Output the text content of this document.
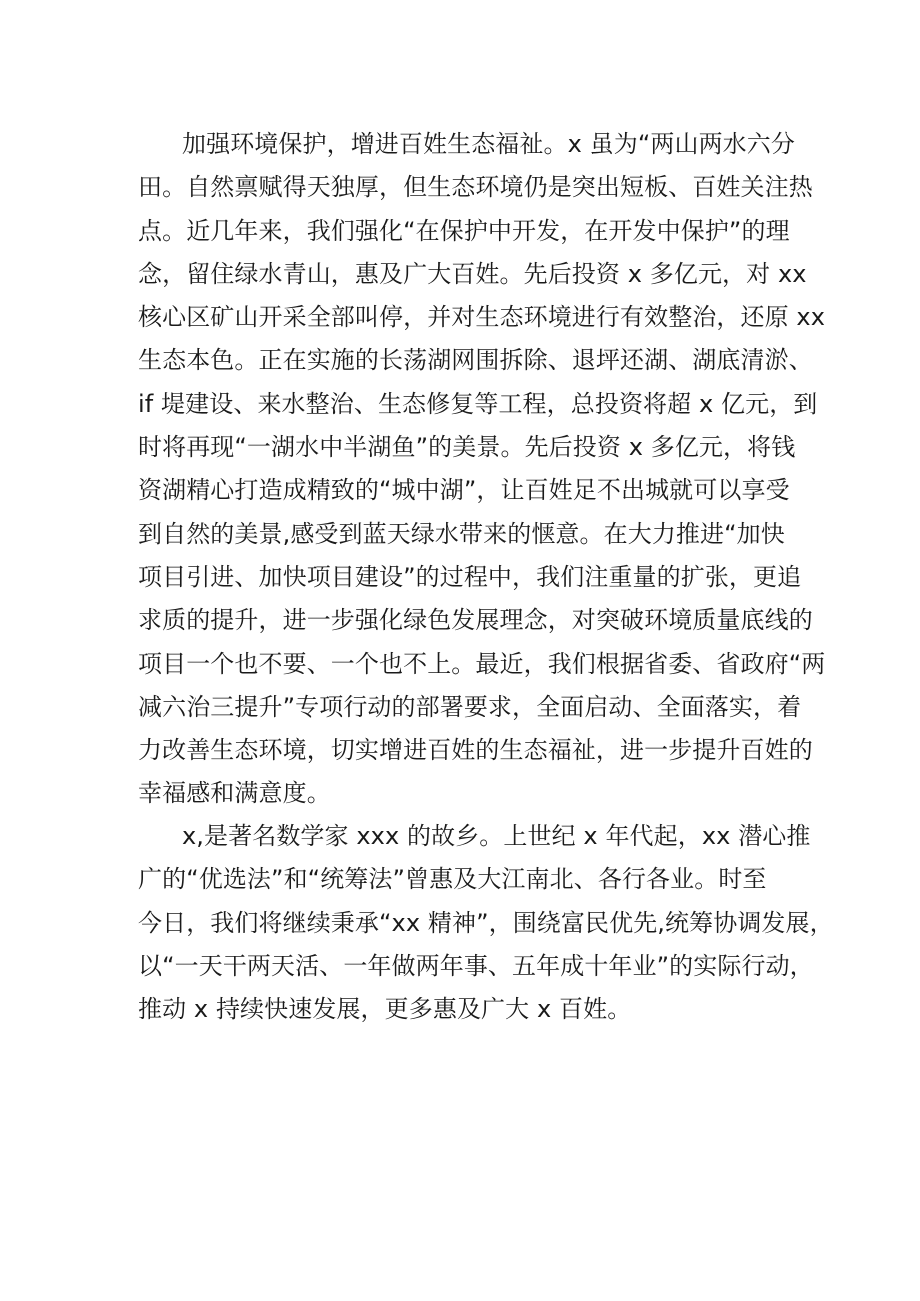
加强环境保护，增进百姓生态福祉。x 虽为“两山两水六分
田。自然禀赋得天独厚，但生态环境仍是突出短板、百姓关注热
点。近几年来，我们强化“在保护中开发，在开发中保护”的理
念，留住绿水青山，惠及广大百姓。先后投资 x 多亿元，对 xx
核心区矿山开采全部叫停，并对生态环境进行有效整治，还原 xx
生态本色。正在实施的长荡湖网围拆除、退坪还湖、湖底清淤、
if 堤建设、来水整治、生态修复等工程，总投资将超 x 亿元，到
时将再现“一湖水中半湖鱼”的美景。先后投资 x 多亿元，将钱
资湖精心打造成精致的“城中湖”，让百姓足不出城就可以享受
到自然的美景,感受到蓝天绿水带来的惬意。在大力推进“加快
项目引进、加快项目建设”的过程中，我们注重量的扩张，更追
求质的提升，进一步强化绿色发展理念，对突破环境质量底线的
项目一个也不要、一个也不上。最近，我们根据省委、省政府“两
减六治三提升”专项行动的部署要求，全面启动、全面落实，着
力改善生态环境，切实增进百姓的生态福祉，进一步提升百姓的
幸福感和满意度。
x,是著名数学家 xxx 的故乡。上世纪 x 年代起，xx 潜心推
广的“优选法”和“统筹法”曾惠及大江南北、各行各业。时至
今日，我们将继续秉承“xx 精神”，围绕富民优先,统筹协调发展，
以“一天干两天活、一年做两年事、五年成十年业”的实际行动，
推动 x 持续快速发展，更多惠及广大 x 百姓。
